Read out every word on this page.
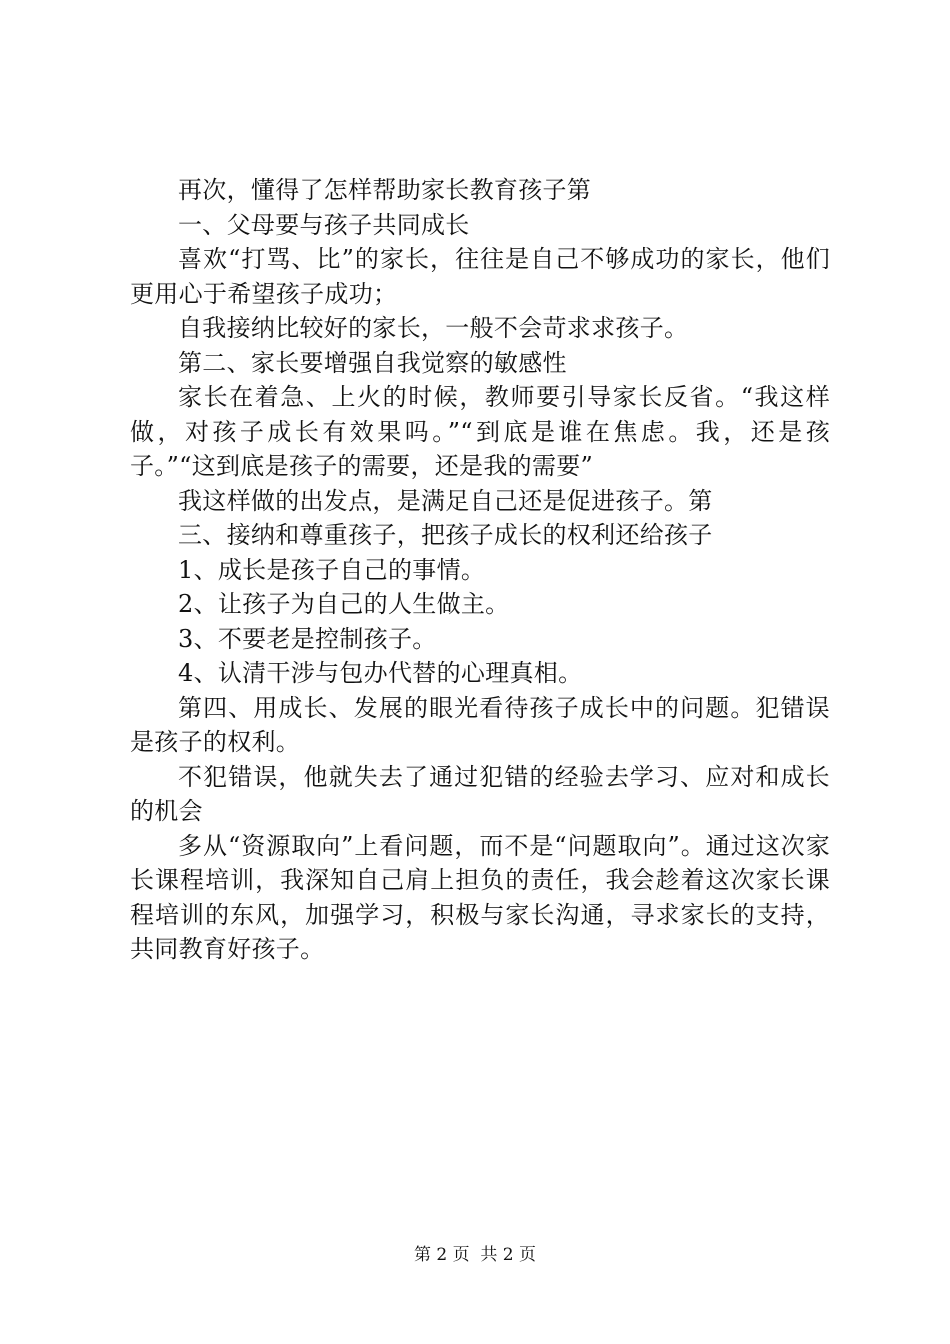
再次，懂得了怎样帮助家长教育孩子第

一、父母要与孩子共同成长

喜欢“打骂、比”的家长，往往是自己不够成功的家长，他们更用心于希望孩子成功；

自我接纳比较好的家长，一般不会苛求求孩子。

第二、家长要增强自我觉察的敏感性

家长在着急、上火的时候，教师要引导家长反省。“我这样做，对孩子成长有效果吗。”“到底是谁在焦虑。我，还是孩子。”“这到底是孩子的需要，还是我的需要”

我这样做的出发点，是满足自己还是促进孩子。第

三、接纳和尊重孩子，把孩子成长的权利还给孩子

1、成长是孩子自己的事情。

2、让孩子为自己的人生做主。

3、不要老是控制孩子。

4、认清干涉与包办代替的心理真相。

第四、用成长、发展的眼光看待孩子成长中的问题。犯错误是孩子的权利。

不犯错误，他就失去了通过犯错的经验去学习、应对和成长的机会

多从“资源取向”上看问题，而不是“问题取向”。通过这次家长课程培训，我深知自己肩上担负的责任，我会趁着这次家长课程培训的东风，加强学习，积极与家长沟通，寻求家长的支持，共同教育好孩子。

第 2 页  共 2 页
